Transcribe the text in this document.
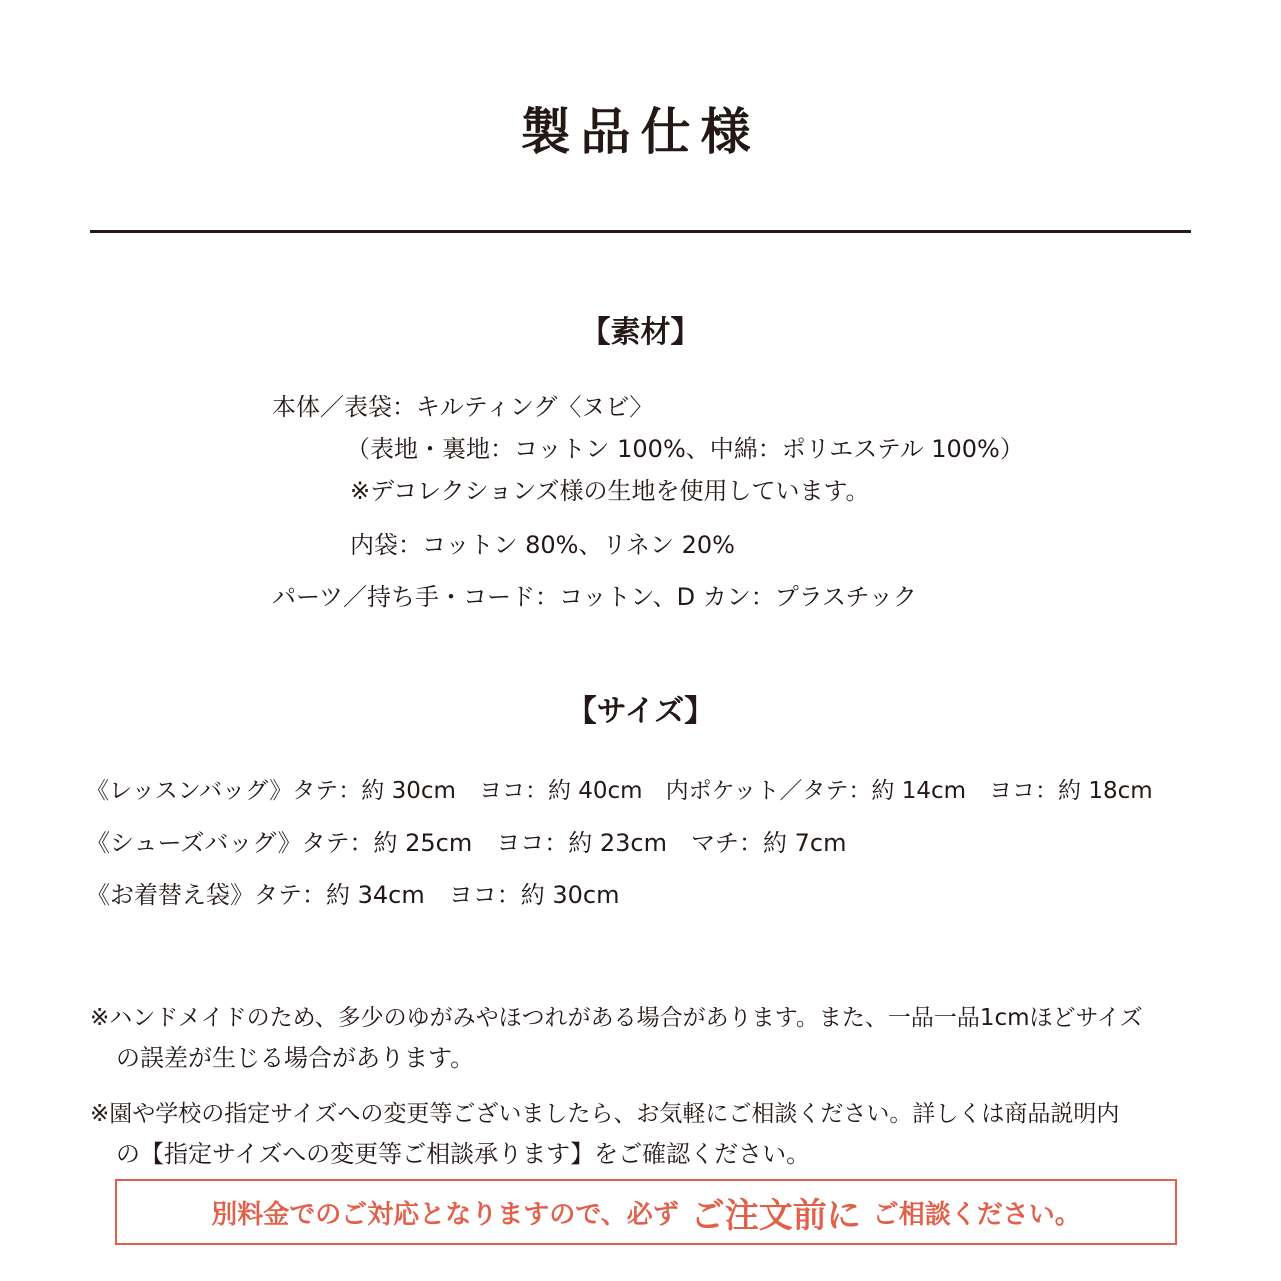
製品仕様
【素材】
本体／表袋：キルティング〈ヌビ〉
（表地・裏地：コットン 100%、中綿：ポリエステル 100%）
※デコレクションズ様の生地を使用しています。
内袋：コットン 80%、リネン 20%
パーツ／持ち手・コード：コットン、D カン：プラスチック
【サイズ】
《レッスンバッグ》タテ：約 30cm　ヨコ：約 40cm　内ポケット／タテ：約 14cm　ヨコ：約 18cm
《シューズバッグ》タテ：約 25cm　ヨコ：約 23cm　マチ：約 7cm
《お着替え袋》タテ：約 34cm　ヨコ：約 30cm
※ハンドメイドのため、多少のゆがみやほつれがある場合があります。また、一品一品1cmほどサイズ
の誤差が生じる場合があります。
※園や学校の指定サイズへの変更等ございましたら、お気軽にご相談ください。詳しくは商品説明内
の【指定サイズへの変更等ご相談承ります】をご確認ください。
別料金でのご対応となりますので、必ず ご注文前に ご相談ください。
